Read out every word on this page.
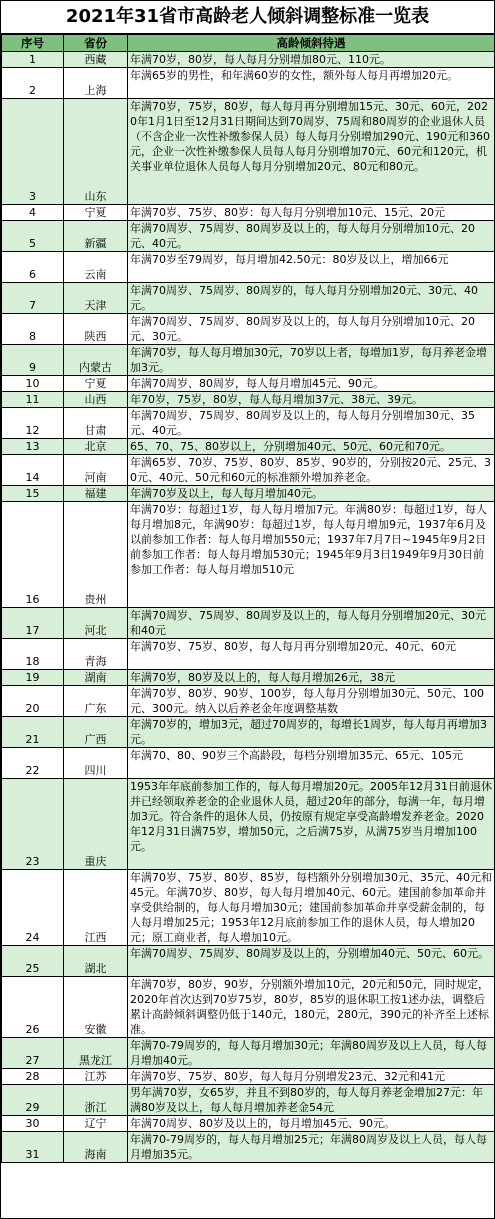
2021年31省市高龄老人倾斜调整标准一览表
序号	省份	高龄倾斜待遇
1	西藏	年满70岁，80岁，每人每月分别增加80元、110元。
2	上海	年满65岁的男性，和年满60岁的女性，额外每人每月再增加20元。
3	山东	年满70岁，75岁，80岁，每人每月再分别增加15元、30元、60元，2020年1月1日至12月31日期间达到70周岁、75周和80周岁的企业退休人员（不含企业一次性补缴参保人员）每人每月分别增加290元、190元和360元，企业一次性补缴参保人员每人每月分别增加70元、60元和120元，机关事业单位退休人员每人每月分别增加20元、80元和80元。
4	宁夏	年满70岁、75岁、80岁：每人每月分别增加10元、15元、20元
5	新疆	年满70周岁、75周岁、80周岁及以上的，每人每月分别增加10元、20元、40元。
6	云南	年满70岁至79周岁，每月增加42.50元：80岁及以上，增加66元
7	天津	年满70周岁、75周岁、80周岁的，每人每月分别增加20元、30元、40元。
8	陕西	年满70周岁、75周岁、80周岁及以上的，每人每月分别增加10元、20元、30元。
9	内蒙古	年满70岁，每人每月增加30元，70岁以上者，每增加1岁，每月养老金增加3元。
10	宁夏	年满70周岁、80周岁，每人每月增加45元、90元。
11	山西	年70岁，75岁，80岁，每人每月增加37元、38元、39元。
12	甘肃	年满70周岁、75周岁、80周岁及以上的，每人每月分别增加30元、35元、40元。
13	北京	65、70、75、80岁以上，分别增加40元、50元、60元和70元。
14	河南	年满65岁、70岁、75岁、80岁、85岁、90岁的，分别按20元、25元、30元、40元、50元和60元的标准额外增加养老金。
15	福建	年满70岁及以上，每人每月增加40元。
16	贵州	年满70岁：每超过1岁，每人每月增加7元。年满80岁：每超过1岁，每人每月增加8元，年满90岁：每超过1岁，每人每月增加9元，1937年6月及以前参加工作者：每人每月增加550元；1937年7月7日~1945年9月2日前参加工作者：每人每月增加530元；1945年9月3日1949年9月30日前参加工作者：每人每月增加510元
17	河北	年满70周岁、75周岁、80周岁及以上的，每人每月分别增加20元、30元和40元
18	青海	年满70岁、75岁、80岁，每人每月再分别增加20元、40元、60元
19	湖南	年满70岁，80岁及以上的，每人每月增加26元，38元
20	广东	年满70岁、80岁、90岁、100岁，每人每月分别增加30元、50元、100元、300元。纳入以后养老金年度调整基数
21	广西	年满70岁的，增加3元，超过70周岁的，每增长1周岁，每人每月再增加3元。
22	四川	年满70、80、90岁三个高龄段，每档分别增加35元、65元、105元
23	重庆	1953年年底前参加工作的，每人每月增加20元。2005年12月31日前退休并已经领取养老金的企业退休人员，超过20年的部分，每满一年，每月增加3元。符合条件的退休人员，仍按原有规定享受高龄增发养老金。2020年12月31日满75岁，增加50元，之后满75岁，从满75岁当月增加100元。
24	江西	年满70岁、75岁、80岁、85岁，每档额外分别增加30元、35元、40元和45元。年满70岁、80岁，每人每月增加40元、60元。建国前参加革命并享受供给制的，每人每月增加30元；建国前参加革命并享受薪金制的，每人每月增加25元；1953年12月底前参加工作的退休人员，每人增加20元；原工商业者，每人增加10元。
25	湖北	年满70周岁、75周岁、80周岁及以上的，分别增加40元、50元、60元。
26	安徽	年满70岁，80岁，90岁，分别额外增加10元，20元和50元，同时规定，2020年首次达到70岁75岁，80岁，85岁的退休职工按1述办法，调整后累计高龄倾斜调整仍低于140元，180元，280元，390元的补齐至上述标准。
27	黑龙江	年满70-79周岁的，每人每月增加30元；年满80周岁及以上人员，每人每月增加40元。
28	江苏	年满70岁、75岁、80岁，每人每月分别增发23元、32元和41元
29	浙江	男年满70岁，女65岁，并且不到80岁的，每人每月养老金增加27元：年满80岁及以上，每人每月增加养老金54元
30	辽宁	年满70周岁、80岁及以上的，每月增加45元、90元。
31	海南	年满70-79周岁的，每人每月增加25元；年满80周岁及以上人员，每人每月增加35元。
